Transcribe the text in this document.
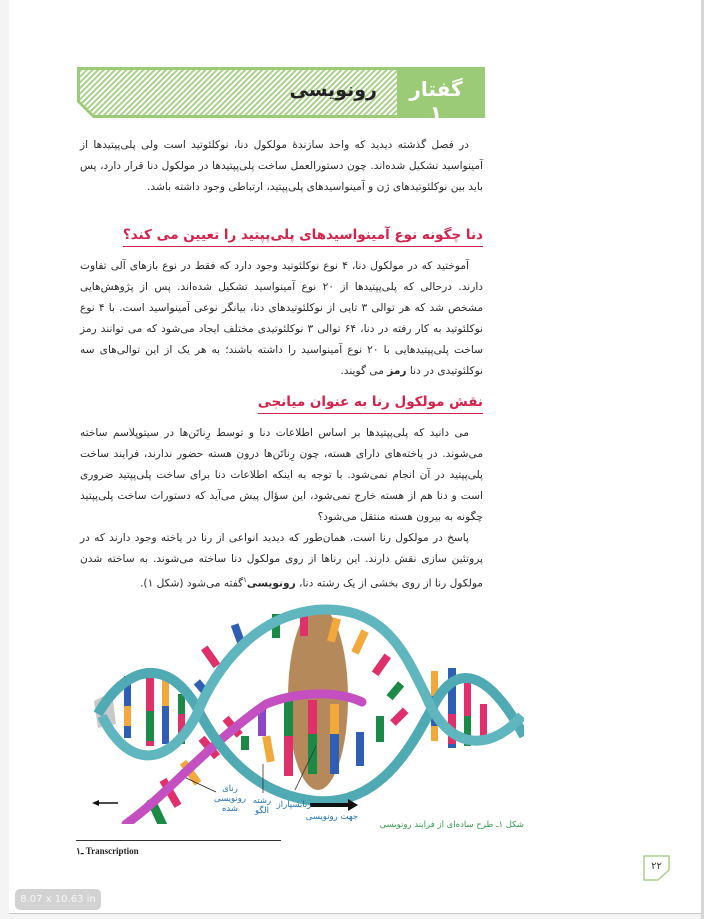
گفتار ۱
رونویسی

در فصل گذشته دیدید که واحد سازندهٔ مولکول دنا، نوکلئوتید است ولی پلی‌پپتیدها از آمینواسید تشکیل شده‌اند. چون دستورالعمل ساخت پلی‌پپتیدها در مولکول دنا قرار دارد، پس باید بین نوکلئوتیدهای ژن و آمینواسیدهای پلی‌پپتید، ارتباطی وجود داشته باشد.

دنا چگونه نوع آمینواسیدهای پلی‌پپتید را تعیین می کند؟

آموختید که در مولکول دنا، ۴ نوع نوکلئوتید وجود دارد که فقط در نوع بازهای آلی تفاوت دارند. درحالی که پلی‌پپتیدها از ۲۰ نوع آمینواسید تشکیل شده‌اند. پس از پژوهش‌هایی مشخص شد که هر توالی ۳ تایی از نوکلئوتیدهای دنا، بیانگر نوعی آمینواسید است. با ۴ نوع نوکلئوتید به کار رفته در دنا، ۶۴ توالی ۳ نوکلئوتیدی مختلف ایجاد می‌شود که می توانند رمز ساخت پلی‌پپتیدهایی با ۲۰ نوع آمینواسید را داشته باشند؛ به هر یک از این توالی‌های سه نوکلئوتیدی در دنا رمز می گویند.

نقش مولکول رنا به عنوان میانجی

می دانید که پلی‌پپتیدها بر اساس اطلاعات دنا و توسط رِناتَن‌ها در سیتوپلاسم ساخته می‌شوند. در یاخته‌های دارای هسته، چون رِناتَن‌ها درون هسته حضور ندارند، فرایند ساخت پلی‌پپتید در آن انجام نمی‌شود. با توجه به اینکه اطلاعات دنا برای ساخت پلی‌پپتید ضروری است و دنا هم از هسته خارج نمی‌شود، این سؤال پیش می‌آید که دستورات ساخت پلی‌پپتید چگونه به بیرون هسته منتقل می‌شود؟

پاسخ در مولکول رنا است. همان‌طور که دیدید انواعی از رنا در یاخته وجود دارند که در پروتئین سازی نقش دارند. این رناها از روی مولکول دنا ساخته می‌شوند. به ساخته شدن مولکول رنا از روی بخشی از یک رشته دنا، رونویسی$^۱$گفته می‌شود (شکل ۱).

رنای رونویسی شده
رشته الگو
رنابسپاراز
جهت رونویسی
شکل ۱ـ طرح ساده‌ای از فرایند رونویسی
۱ـ Transcription
۲۲
8.07 x 10.63 in
